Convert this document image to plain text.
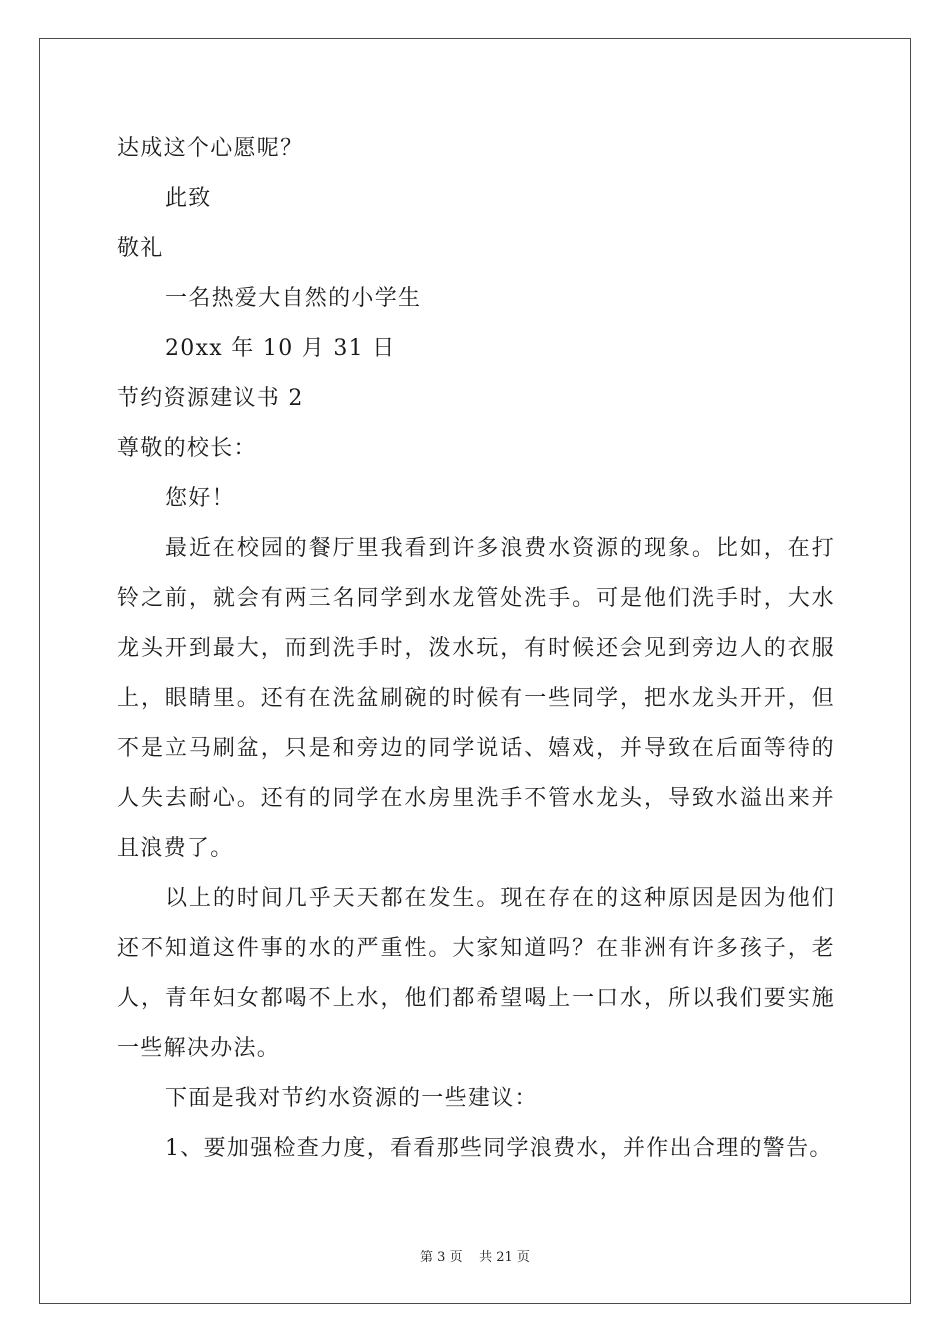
达成这个心愿呢？
此致
敬礼
一名热爱大自然的小学生
20xx 年 10 月 31 日
节约资源建议书 2
尊敬的校长：
您好！

最近在校园的餐厅里我看到许多浪费水资源的现象。比如，在打铃之前，就会有两三名同学到水龙管处洗手。可是他们洗手时，大水龙头开到最大，而到洗手时，泼水玩，有时候还会见到旁边人的衣服上，眼睛里。还有在洗盆刷碗的时候有一些同学，把水龙头开开，但不是立马刷盆，只是和旁边的同学说话、嬉戏，并导致在后面等待的人失去耐心。还有的同学在水房里洗手不管水龙头，导致水溢出来并且浪费了。

以上的时间几乎天天都在发生。现在存在的这种原因是因为他们还不知道这件事的水的严重性。大家知道吗？在非洲有许多孩子，老人，青年妇女都喝不上水，他们都希望喝上一口水，所以我们要实施一些解决办法。

下面是我对节约水资源的一些建议：

1、要加强检查力度，看看那些同学浪费水，并作出合理的警告。

第 3 页 共 21 页
